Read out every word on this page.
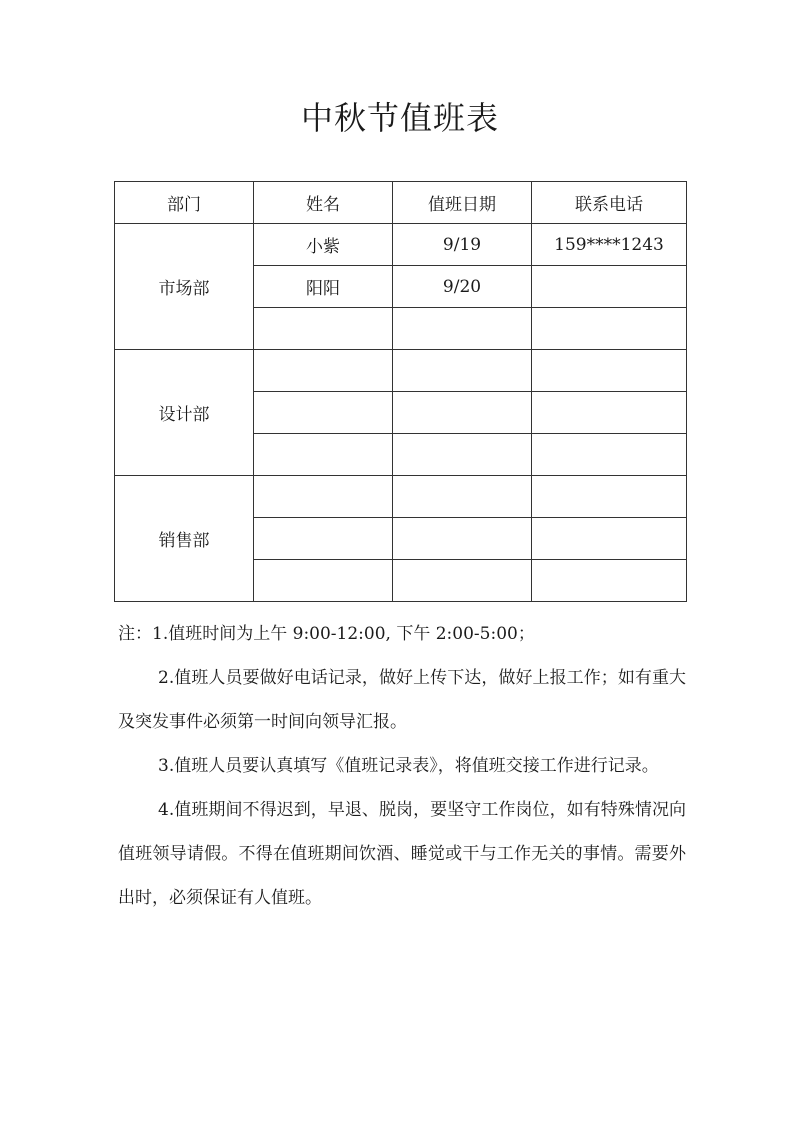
中秋节值班表
部门	姓名	值班日期	联系电话
市场部	小紫	9/19	159****1243
	阳阳	9/20	

设计部			

销售部			

注：1.值班时间为上午 9:00-12:00, 下午 2:00-5:00；

2.值班人员要做好电话记录，做好上传下达，做好上报工作；如有重大及突发事件必须第一时间向领导汇报。

3.值班人员要认真填写《值班记录表》，将值班交接工作进行记录。

4.值班期间不得迟到，早退、脱岗，要坚守工作岗位，如有特殊情况向值班领导请假。不得在值班期间饮酒、睡觉或干与工作无关的事情。需要外出时，必须保证有人值班。
